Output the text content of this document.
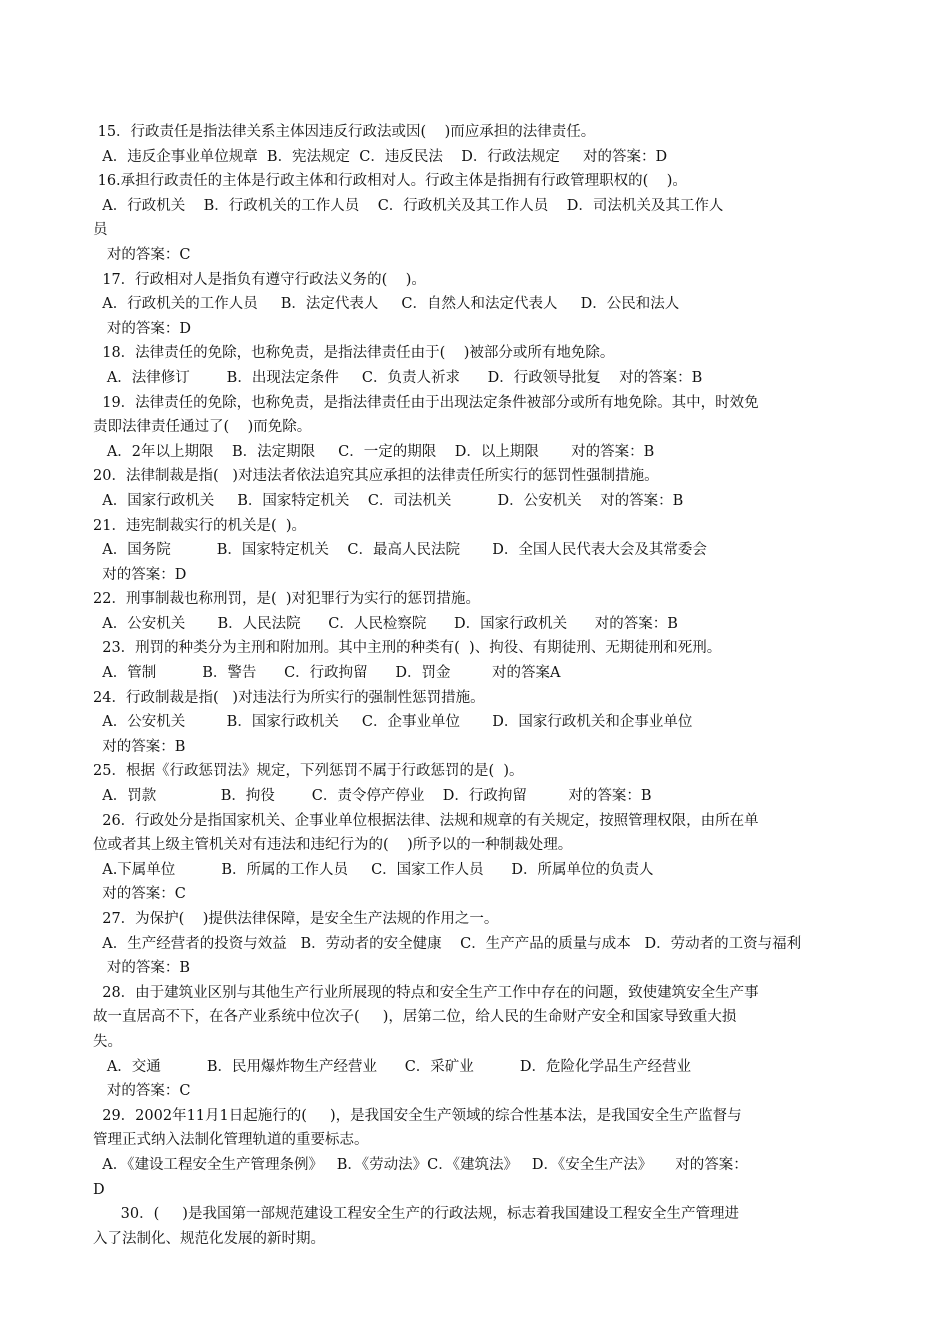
15．行政责任是指法律关系主体因违反行政法或因(    )而应承担的法律责任。
A．违反企事业单位规章  B．宪法规定  C．违反民法    D．行政法规定     对的答案：D
16.承担行政责任的主体是行政主体和行政相对人。行政主体是指拥有行政管理职权的(    )。
A．行政机关    B．行政机关的工作人员    C．行政机关及其工作人员    D．司法机关及其工作人
员
对的答案：C
17．行政相对人是指负有遵守行政法义务的(    )。
A．行政机关的工作人员     B．法定代表人     C．自然人和法定代表人     D．公民和法人
对的答案：D
18．法律责任的免除，也称免责，是指法律责任由于(    )被部分或所有地免除。
A．法律修订        B．出现法定条件     C．负责人祈求      D．行政领导批复    对的答案：B
19．法律责任的免除，也称免责，是指法律责任由于出现法定条件被部分或所有地免除。其中，时效免
责即法律责任通过了(    )而免除。
A．2年以上期限    B．法定期限     C．一定的期限    D．以上期限       对的答案：B
20．法律制裁是指(   )对违法者依法追究其应承担的法律责任所实行的惩罚性强制措施。
A．国家行政机关     B．国家特定机关    C．司法机关          D．公安机关    对的答案：B
21．违宪制裁实行的机关是(  )。
A．国务院          B．国家特定机关    C．最高人民法院       D．全国人民代表大会及其常委会
对的答案：D
22．刑事制裁也称刑罚，是(  )对犯罪行为实行的惩罚措施。
A．公安机关       B．人民法院      C．人民检察院      D．国家行政机关      对的答案：B
23．刑罚的种类分为主刑和附加刑。其中主刑的种类有(  )、拘役、有期徒刑、无期徒刑和死刑。
A．管制          B．警告      C．行政拘留      D．罚金         对的答案A
24．行政制裁是指(   )对违法行为所实行的强制性惩罚措施。
A．公安机关         B．国家行政机关     C．企事业单位       D．国家行政机关和企事业单位
对的答案：B
25．根据《行政惩罚法》规定，下列惩罚不属于行政惩罚的是(  )。
A．罚款              B．拘役        C．责令停产停业    D．行政拘留         对的答案：B
26．行政处分是指国家机关、企事业单位根据法律、法规和规章的有关规定，按照管理权限，由所在单
位或者其上级主管机关对有违法和违纪行为的(    )所予以的一种制裁处理。
A.下属单位          B．所属的工作人员     C．国家工作人员      D．所属单位的负责人
对的答案：C
27．为保护(    )提供法律保障，是安全生产法规的作用之一。
A．生产经营者的投资与效益   B．劳动者的安全健康    C．生产产品的质量与成本   D．劳动者的工资与福利
对的答案：B
28．由于建筑业区别与其他生产行业所展现的特点和安全生产工作中存在的问题，致使建筑安全生产事
故一直居高不下，在各产业系统中位次子(     )，居第二位，给人民的生命财产安全和国家导致重大损
失。
A．交通          B．民用爆炸物生产经营业      C．采矿业          D．危险化学品生产经营业
对的答案：C
29．2002年11月1日起施行的(     )，是我国安全生产领域的综合性基本法，是我国安全生产监督与
管理正式纳入法制化管理轨道的重要标志。
A．《建设工程安全生产管理条例》   B．《劳动法》C．《建筑法》   D．《安全生产法》     对的答案：
D
30．(     )是我国第一部规范建设工程安全生产的行政法规，标志着我国建设工程安全生产管理进
入了法制化、规范化发展的新时期。
